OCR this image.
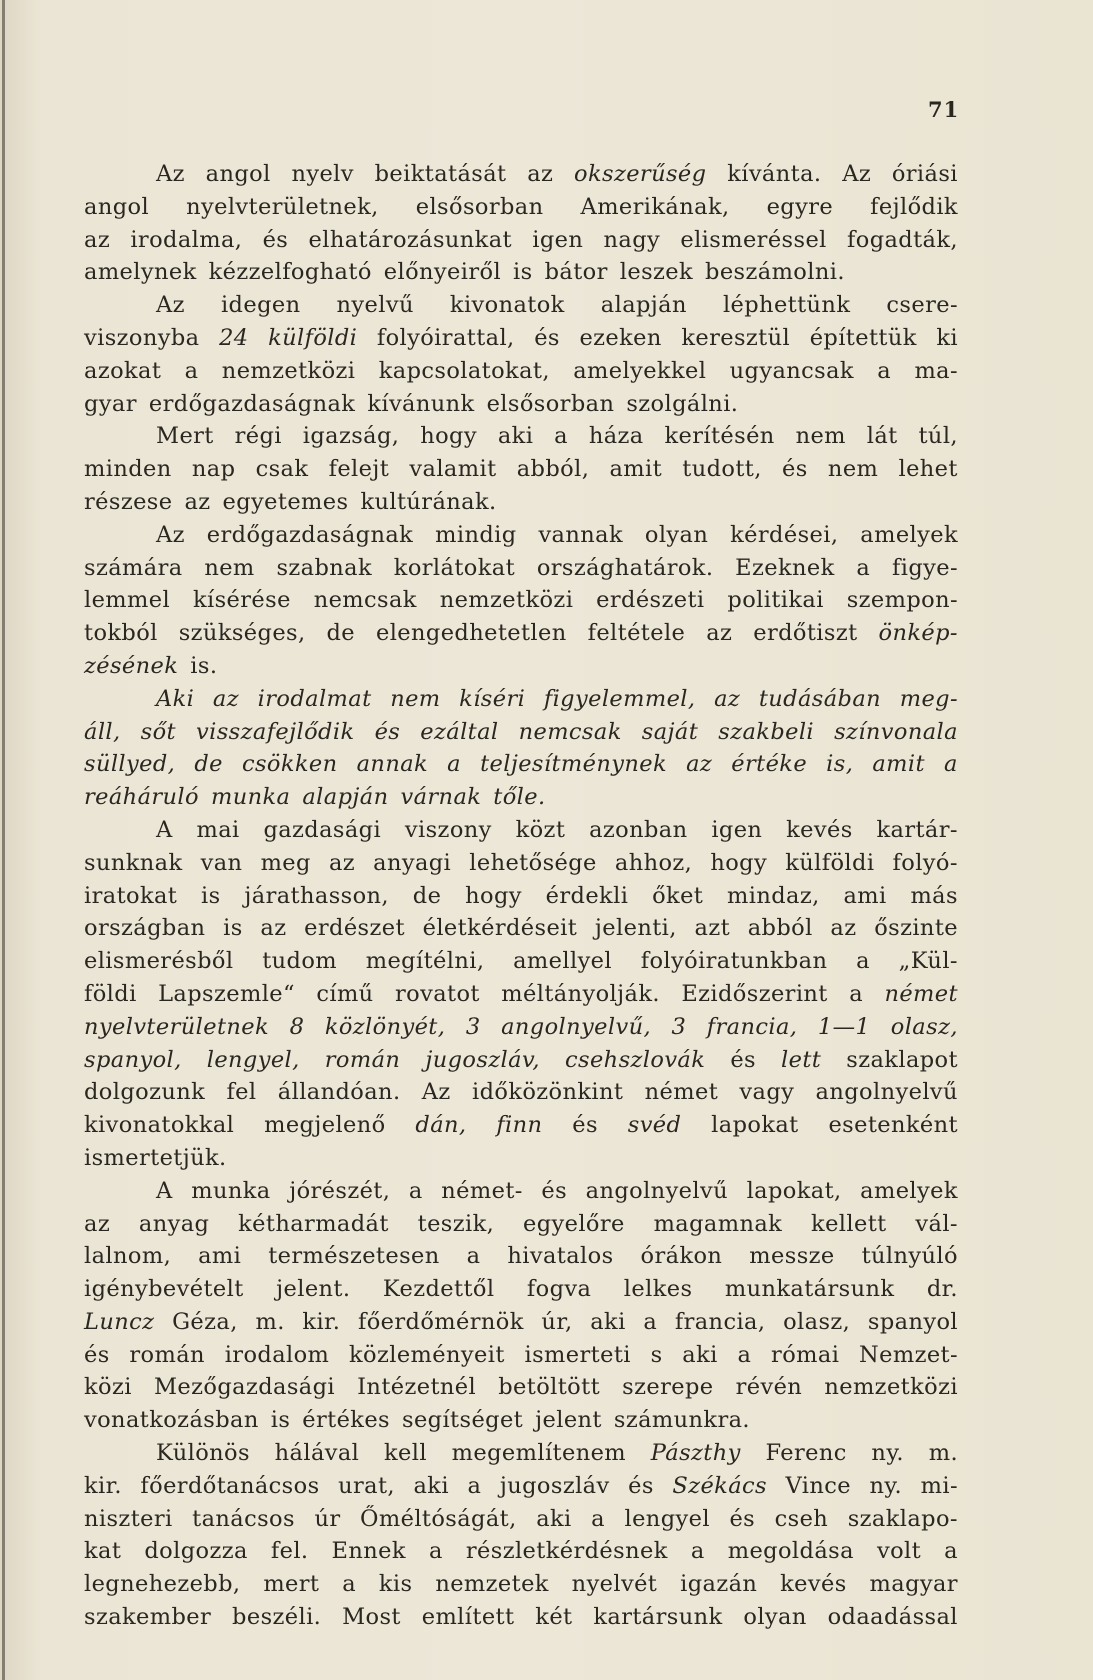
71
Az angol nyelv beiktatását az okszerűség kívánta. Az óriási
angol nyelvterületnek, elsősorban Amerikának, egyre fejlődik
az irodalma, és elhatározásunkat igen nagy elismeréssel fogadták,
amelynek kézzelfogható előnyeiről is bátor leszek beszámolni.
Az idegen nyelvű kivonatok alapján léphettünk csere-
viszonyba 24 külföldi folyóirattal, és ezeken keresztül építettük ki
azokat a nemzetközi kapcsolatokat, amelyekkel ugyancsak a ma-
gyar erdőgazdaságnak kívánunk elsősorban szolgálni.
Mert régi igazság, hogy aki a háza kerítésén nem lát túl,
minden nap csak felejt valamit abból, amit tudott, és nem lehet
részese az egyetemes kultúrának.
Az erdőgazdaságnak mindig vannak olyan kérdései, amelyek
számára nem szabnak korlátokat országhatárok. Ezeknek a figye-
lemmel kísérése nemcsak nemzetközi erdészeti politikai szempon-
tokból szükséges, de elengedhetetlen feltétele az erdőtiszt önkép-
zésének is.
Aki az irodalmat nem kíséri figyelemmel, az tudásában meg-
áll, sőt visszafejlődik és ezáltal nemcsak saját szakbeli színvonala
süllyed, de csökken annak a teljesítménynek az értéke is, amit a
reáháruló munka alapján várnak tőle.
A mai gazdasági viszony közt azonban igen kevés kartár-
sunknak van meg az anyagi lehetősége ahhoz, hogy külföldi folyó-
iratokat is járathasson, de hogy érdekli őket mindaz, ami más
országban is az erdészet életkérdéseit jelenti, azt abból az őszinte
elismerésből tudom megítélni, amellyel folyóiratunkban a „Kül-
földi Lapszemle“ című rovatot méltányolják. Ezidőszerint a német
nyelvterületnek 8 közlönyét, 3 angolnyelvű, 3 francia, 1—1 olasz,
spanyol, lengyel, román jugoszláv, csehszlovák és lett szaklapot
dolgozunk fel állandóan. Az időközönkint német vagy angolnyelvű
kivonatokkal megjelenő dán, finn és svéd lapokat esetenként
ismertetjük.
A munka jórészét, a német- és angolnyelvű lapokat, amelyek
az anyag kétharmadát teszik, egyelőre magamnak kellett vál-
lalnom, ami természetesen a hivatalos órákon messze túlnyúló
igénybevételt jelent. Kezdettől fogva lelkes munkatársunk dr.
Luncz Géza, m. kir. főerdőmérnök úr, aki a francia, olasz, spanyol
és román irodalom közleményeit ismerteti s aki a római Nemzet-
közi Mezőgazdasági Intézetnél betöltött szerepe révén nemzetközi
vonatkozásban is értékes segítséget jelent számunkra.
Különös hálával kell megemlítenem Pászthy Ferenc ny. m.
kir. főerdőtanácsos urat, aki a jugoszláv és Székács Vince ny. mi-
niszteri tanácsos úr Őméltóságát, aki a lengyel és cseh szaklapo-
kat dolgozza fel. Ennek a részletkérdésnek a megoldása volt a
legnehezebb, mert a kis nemzetek nyelvét igazán kevés magyar
szakember beszéli. Most említett két kartársunk olyan odaadással
